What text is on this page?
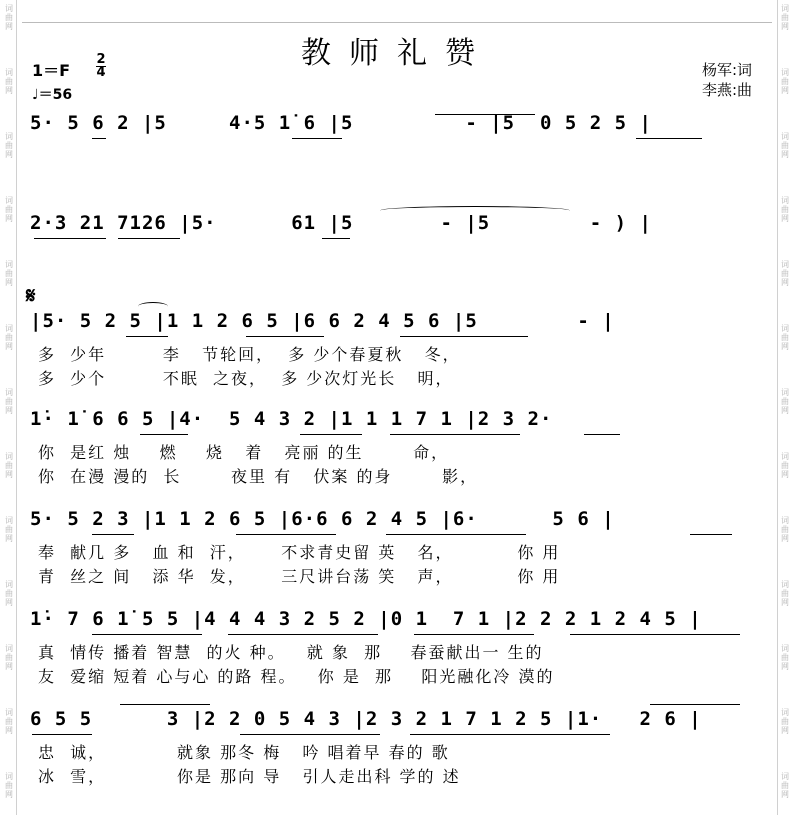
词
曲
网
词
曲
网
词
曲
网
词
曲
网
词
曲
网
词
曲
网
词
曲
网
词
曲
网
词
曲
网
词
曲
网
词
曲
网
词
曲
网
词
曲
网
词
曲
网
词
曲
网
词
曲
网
词
曲
网
词
曲
网
词
曲
网
词
曲
网
词
曲
网
词
曲
网
词
曲
网
词
曲
网
词
曲
网
词
曲
网
教师礼赞
1＝F
2
4
♩＝56
杨军:词
李燕:曲
5· 5 6 2 |5     4·5 1̇ 6 |5         - |5  0 5 2 5 |
2·3 21 7126 |5·      61 |5       - |5        - ) |
𝄋
|5· 5 2 5 |1 1 2 6 5 |6 6 2 4 5 6 |5        - |
多  少年        李   节轮回，  多 少个春夏秋   冬，
多  少个        不眠  之夜，  多 少次灯光长   明，
1̇· 1̇ 6 6 5 |4·  5 4 3 2 |1 1 1 7 1 |2 3 2·
你  是红 烛    燃    烧   着   亮丽 的生       命，
你  在漫 漫的  长       夜里 有   伏案 的身       影，
5· 5 2 3 |1 1 2 6 5 |6·6 6 2 4 5 |6·      5 6 |
奉  献几 多   血 和  汗，     不求青史留 英   名，         你 用
青  丝之 间   添 华  发，     三尺讲台荡 笑   声，         你 用
1̇· 7 6 1̇ 5 5 |4 4 4 3 2 5 2 |0 1  7 1 |2 2 2 1 2 4 5 |
真  情传 播着 智慧  的火 种。   就 象  那    春蚕献出一 生的
友  爱缩 短着 心与心 的路 程。   你 是  那    阳光融化冷 漠的
6 5 5      3 |2 2 0 5 4 3 |2 3 2 1 7 1 2 5 |1·   2 6 |
忠  诚，          就象 那冬 梅   吟 唱着早 春的 歌
冰  雪，          你是 那向 导   引人走出科 学的 述
